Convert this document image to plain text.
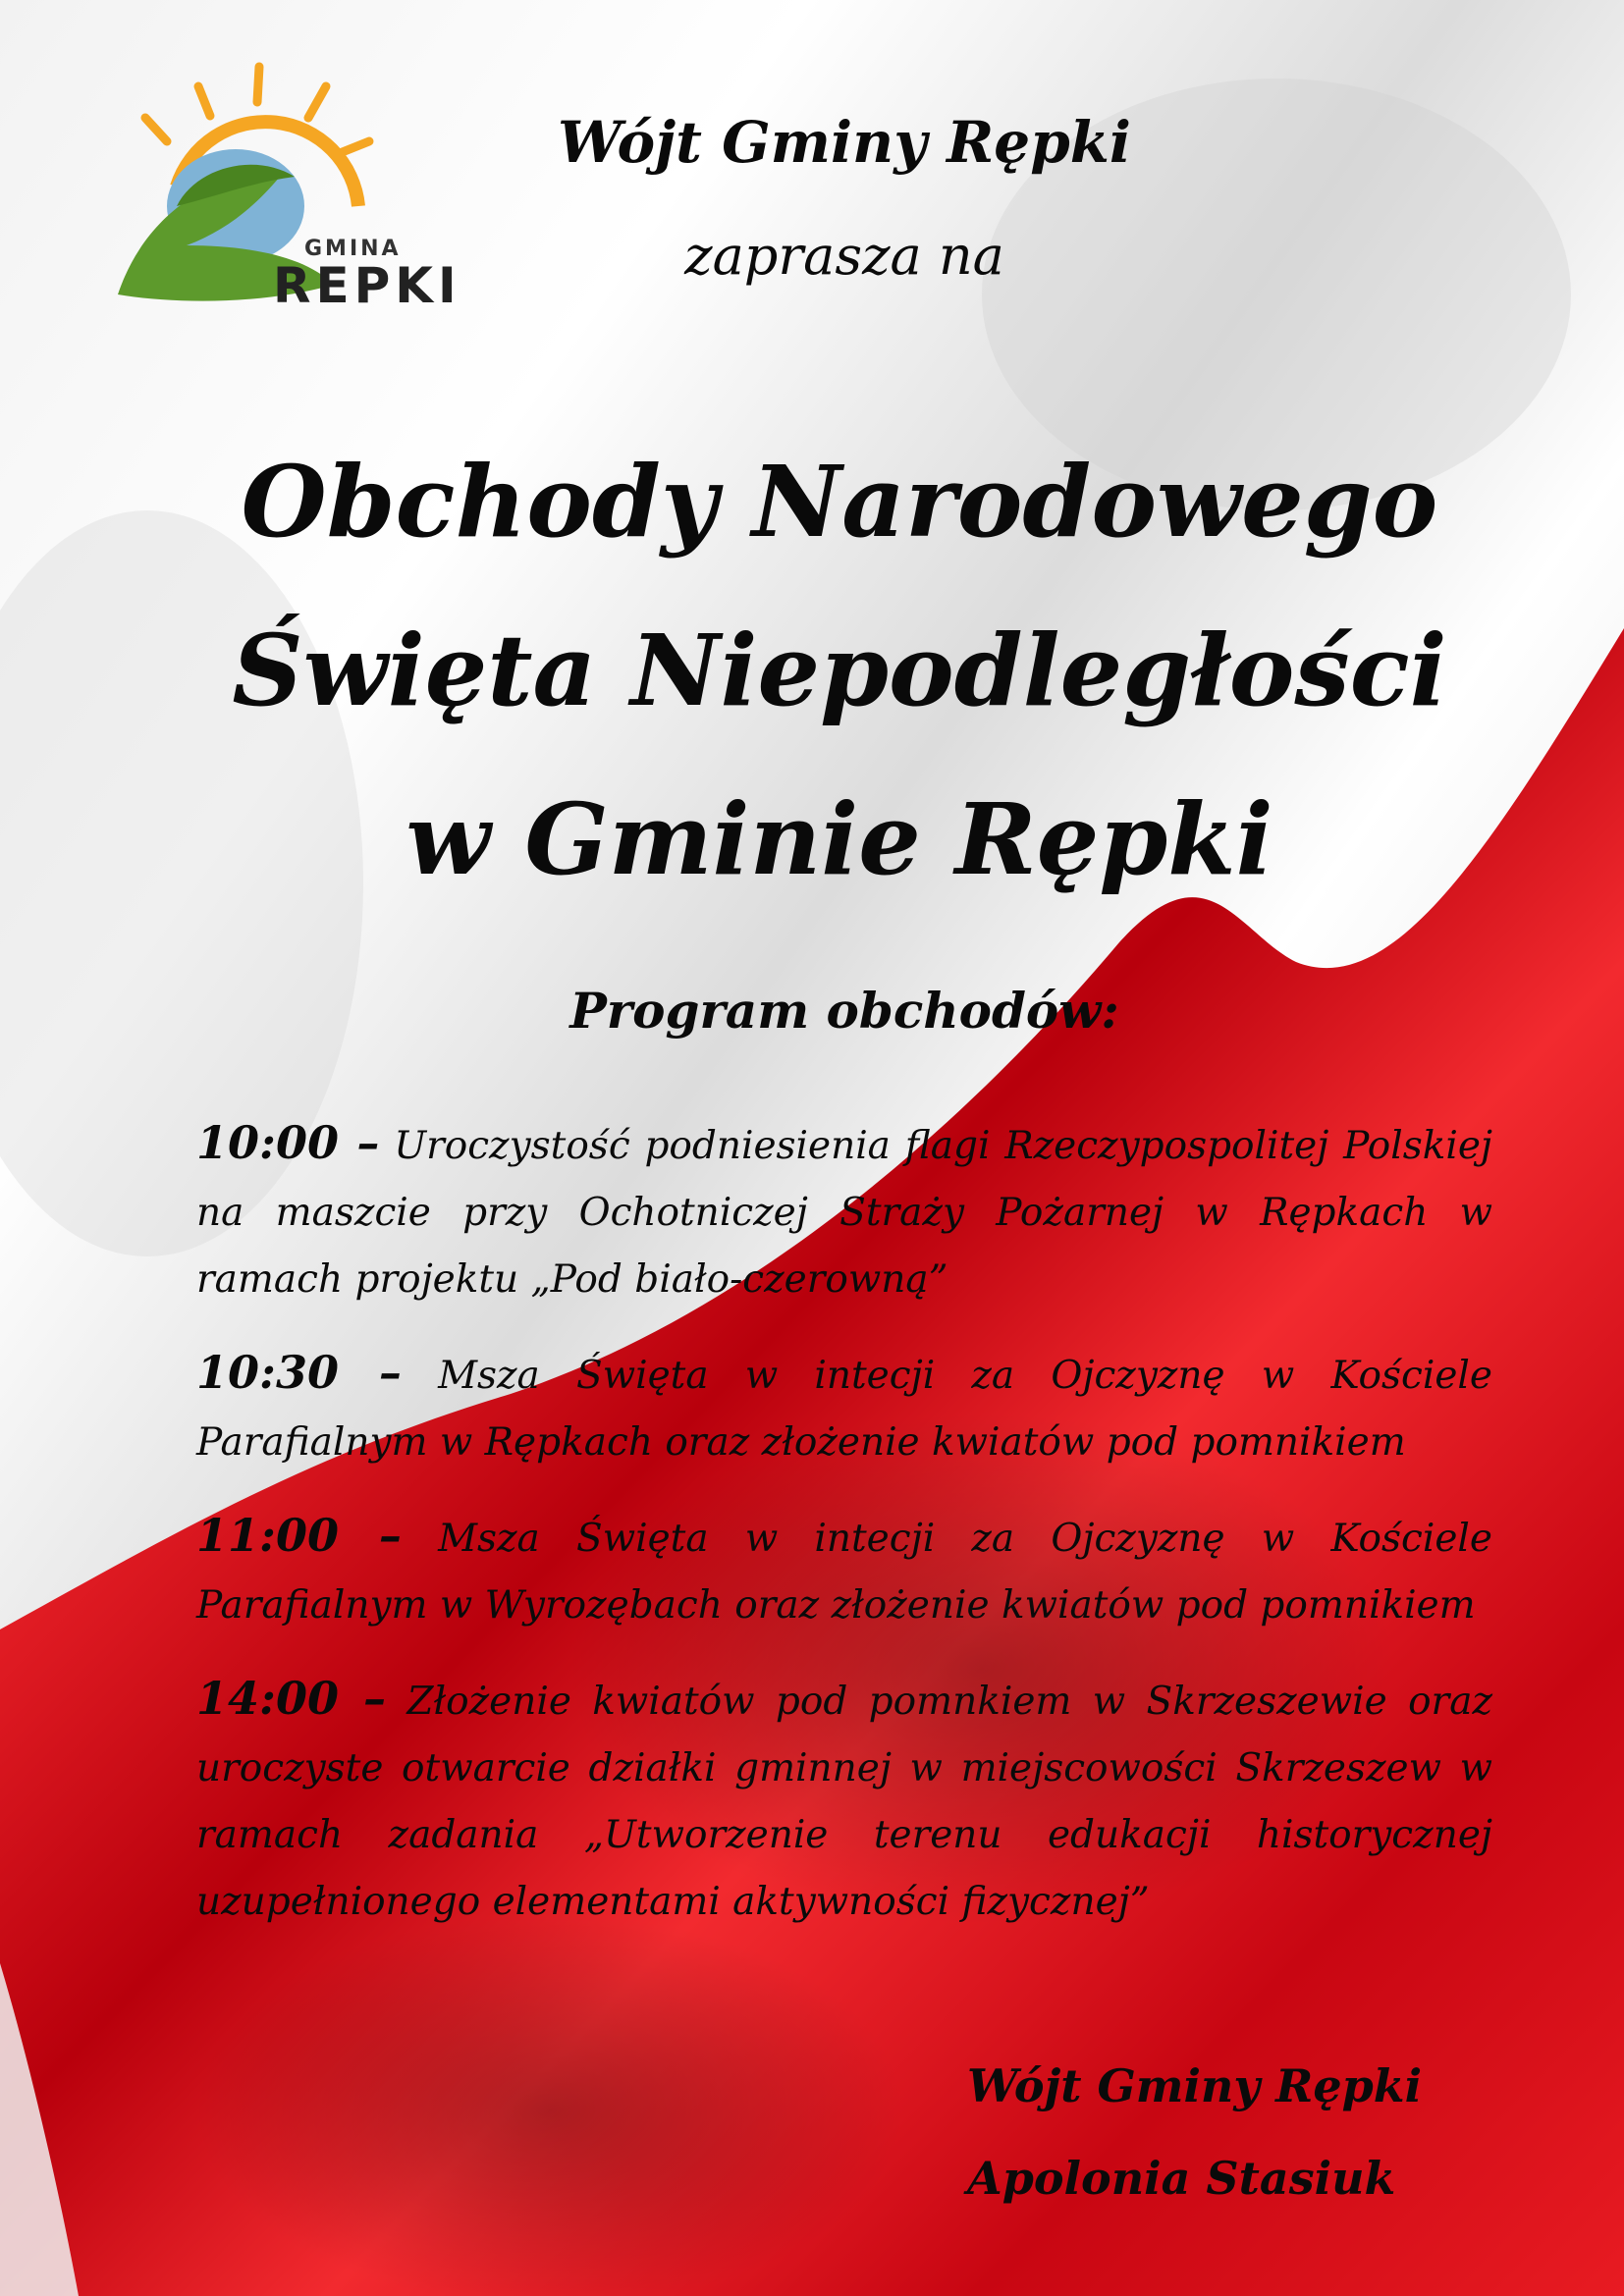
GMINA
REPKI
Wójt Gminy Rępki
zaprasza na
Obchody Narodowego
Święta Niepodległości
w Gminie Rępki
Program obchodów:

10:00 – Uroczystość podniesienia flagi Rzeczypospolitej Polskiej na maszcie przy Ochotniczej Straży Pożarnej w Rępkach w ramach projektu „Pod biało-czerowną”

10:30 – Msza Święta w intecji za Ojczyznę w Kościele Parafialnym w Rępkach oraz złożenie kwiatów pod pomnikiem

11:00 – Msza Święta w intecji za Ojczyznę w Kościele Parafialnym w Wyrozębach oraz złożenie kwiatów pod pomnikiem

14:00 – Złożenie kwiatów pod pomnkiem w Skrzeszewie oraz uroczyste otwarcie działki gminnej w miejscowości Skrzeszew w ramach zadania „Utworzenie terenu edukacji historycznej uzupełnionego elementami aktywności fizycznej”

Wójt Gminy Rępki
Apolonia Stasiuk
